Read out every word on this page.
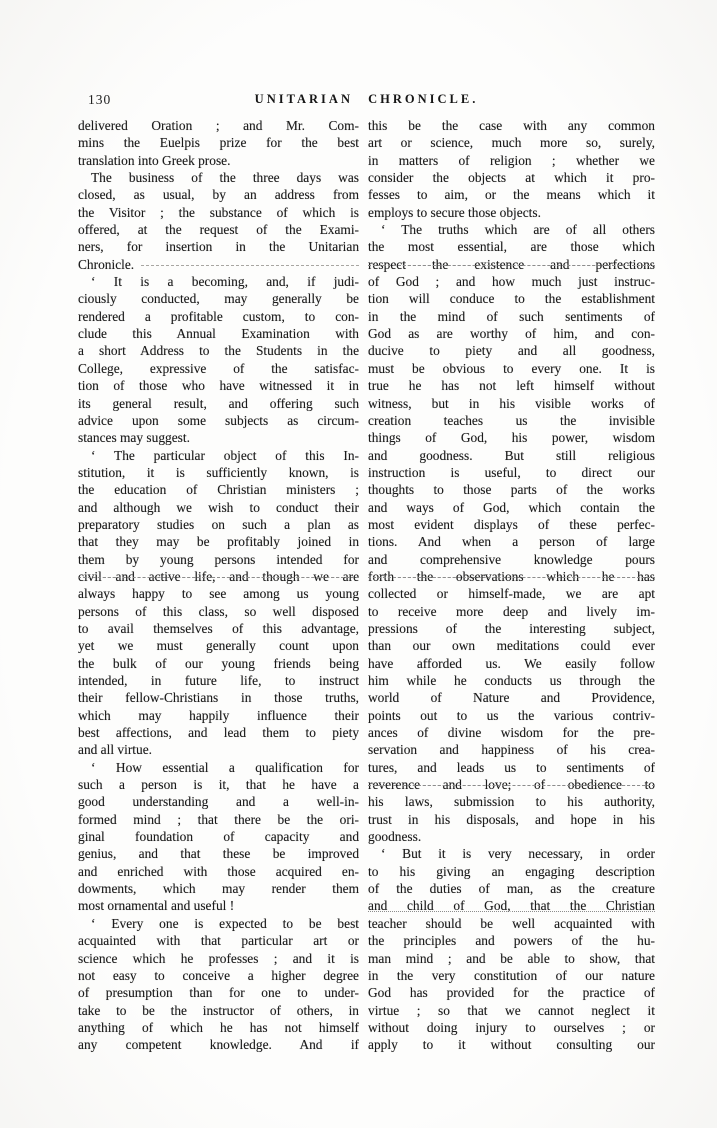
130	UNITARIAN CHRONICLE.
delivered Oration ; and Mr. Com-
mins the Euelpis prize for the best
translation into Greek prose.
The business of the three days was
closed, as usual, by an address from
the Visitor ; the substance of which is
offered, at the request of the Exami-
ners, for insertion in the Unitarian
Chronicle.
‘ It is a becoming, and, if judi-
ciously conducted, may generally be
rendered a profitable custom, to con-
clude this Annual Examination with
a short Address to the Students in the
College, expressive of the satisfac-
tion of those who have witnessed it in
its general result, and offering such
advice upon some subjects as circum-
stances may suggest.
‘ The particular object of this In-
stitution, it is sufficiently known, is
the education of Christian ministers ;
and although we wish to conduct their
preparatory studies on such a plan as
that they may be profitably joined in
them by young persons intended for
civil and active life, and though we are
always happy to see among us young
persons of this class, so well disposed
to avail themselves of this advantage,
yet we must generally count upon
the bulk of our young friends being
intended, in future life, to instruct
their fellow-Christians in those truths,
which may happily influence their
best affections, and lead them to piety
and all virtue.
‘ How essential a qualification for
such a person is it, that he have a
good understanding and a well-in-
formed mind ; that there be the ori-
ginal foundation of capacity and
genius, and that these be improved
and enriched with those acquired en-
dowments, which may render them
most ornamental and useful !
‘ Every one is expected to be best
acquainted with that particular art or
science which he professes ; and it is
not easy to conceive a higher degree
of presumption than for one to under-
take to be the instructor of others, in
anything of which he has not himself
any competent knowledge. And if
this be the case with any common
art or science, much more so, surely,
in matters of religion ; whether we
consider the objects at which it pro-
fesses to aim, or the means which it
employs to secure those objects.
‘ The truths which are of all others
the most essential, are those which
respect the existence and perfections
of God ; and how much just instruc-
tion will conduce to the establishment
in the mind of such sentiments of
God as are worthy of him, and con-
ducive to piety and all goodness,
must be obvious to every one. It is
true he has not left himself without
witness, but in his visible works of
creation teaches us the invisible
things of God, his power, wisdom
and goodness. But still religious
instruction is useful, to direct our
thoughts to those parts of the works
and ways of God, which contain the
most evident displays of these perfec-
tions. And when a person of large
and comprehensive knowledge pours
forth the observations which he has
collected or himself-made, we are apt
to receive more deep and lively im-
pressions of the interesting subject,
than our own meditations could ever
have afforded us. We easily follow
him while he conducts us through the
world of Nature and Providence,
points out to us the various contriv-
ances of divine wisdom for the pre-
servation and happiness of his crea-
tures, and leads us to sentiments of
reverence and love; of obedience to
his laws, submission to his authority,
trust in his disposals, and hope in his
goodness.
‘ But it is very necessary, in order
to his giving an engaging description
of the duties of man, as the creature
and child of God, that the Christian
teacher should be well acquainted with
the principles and powers of the hu-
man mind ; and be able to show, that
in the very constitution of our nature
God has provided for the practice of
virtue ; so that we cannot neglect it
without doing injury to ourselves ; or
apply to it without consulting our
